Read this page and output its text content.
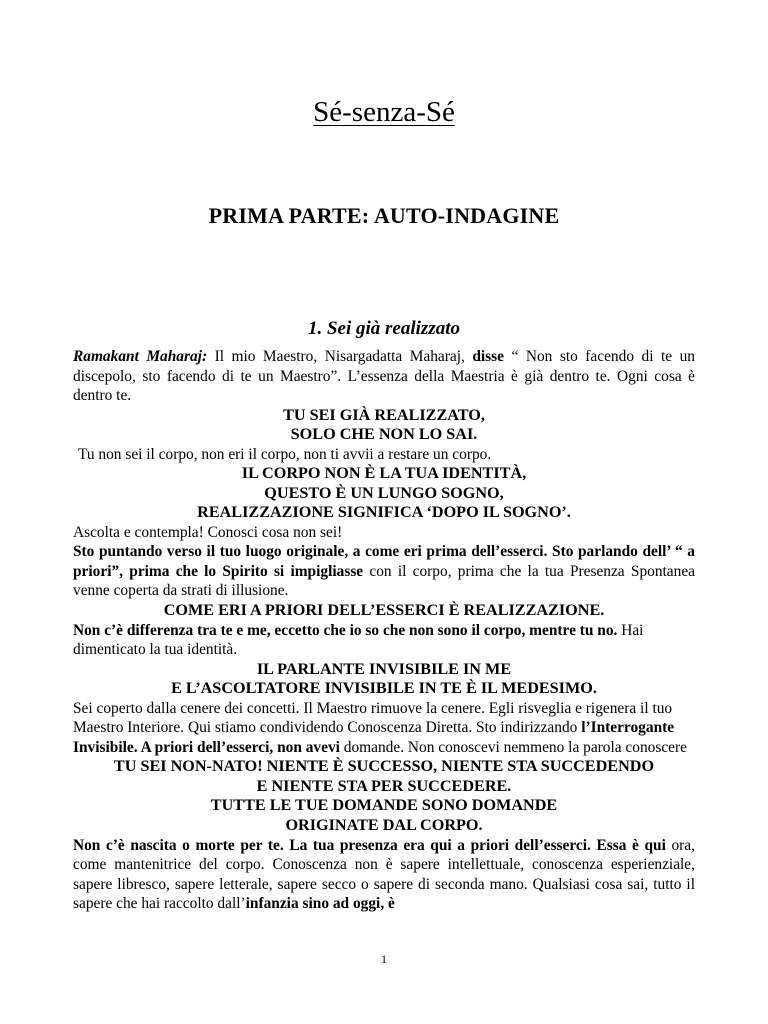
Sé-senza-Sé
PRIMA PARTE: AUTO-INDAGINE
1. Sei già realizzato

Ramakant Maharaj: Il mio Maestro, Nisargadatta Maharaj, disse “ Non sto facendo di te un discepolo, sto facendo di te un Maestro”. L’essenza della Maestria è già dentro te. Ogni cosa è dentro te.

TU SEI GIÀ REALIZZATO,
SOLO CHE NON LO SAI.

Tu non sei il corpo, non eri il corpo, non ti avvii a restare un corpo.

IL CORPO NON È LA TUA IDENTITÀ,
QUESTO È UN LUNGO SOGNO,
REALIZZAZIONE SIGNIFICA ‘DOPO IL SOGNO’.

Ascolta e contempla! Conosci cosa non sei!

Sto puntando verso il tuo luogo originale, a come eri prima dell’esserci. Sto parlando dell’ “ a priori”, prima che lo Spirito si impigliasse con il corpo, prima che la tua Presenza Spontanea venne coperta da strati di illusione.

COME ERI A PRIORI DELL’ESSERCI È REALIZZAZIONE.

Non c’è differenza tra te e me, eccetto che io so che non sono il corpo, mentre tu no. Hai dimenticato la tua identità.

IL PARLANTE INVISIBILE IN ME
E L’ASCOLTATORE INVISIBILE IN TE È IL MEDESIMO.

Sei coperto dalla cenere dei concetti. Il Maestro rimuove la cenere. Egli risveglia e rigenera il tuo Maestro Interiore. Qui stiamo condividendo Conoscenza Diretta. Sto indirizzando l’Interrogante Invisibile. A priori dell’esserci, non avevi domande. Non conoscevi nemmeno la parola conoscere

TU SEI NON-NATO! NIENTE È SUCCESSO, NIENTE STA SUCCEDENDO
E NIENTE STA PER SUCCEDERE.
TUTTE LE TUE DOMANDE SONO DOMANDE
ORIGINATE DAL CORPO.

Non c’è nascita o morte per te. La tua presenza era qui a priori dell’esserci. Essa è qui ora, come mantenitrice del corpo. Conoscenza non è sapere intellettuale, conoscenza esperienziale, sapere libresco, sapere letterale, sapere secco o sapere di seconda mano. Qualsiasi cosa sai, tutto il sapere che hai raccolto dall’infanzia sino ad oggi, è

1
